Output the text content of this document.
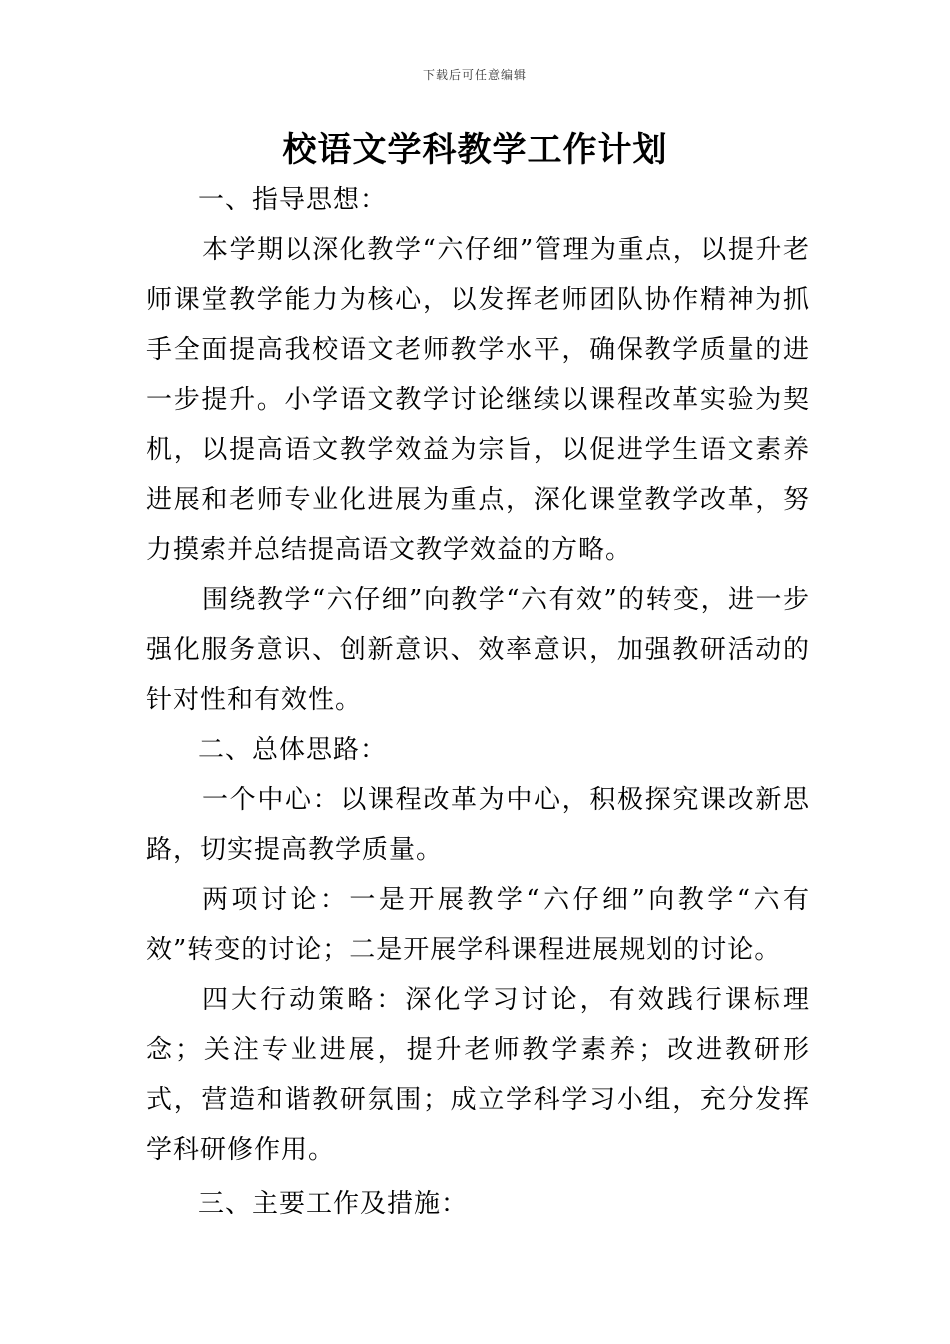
下载后可任意编辑
校语文学科教学工作计划

一、指导思想：

本学期以深化教学“六仔细”管理为重点，以提升老师课堂教学能力为核心，以发挥老师团队协作精神为抓手全面提高我校语文老师教学水平，确保教学质量的进一步提升。小学语文教学讨论继续以课程改革实验为契机，以提高语文教学效益为宗旨，以促进学生语文素养进展和老师专业化进展为重点，深化课堂教学改革，努力摸索并总结提高语文教学效益的方略。

围绕教学“六仔细”向教学“六有效”的转变，进一步强化服务意识、创新意识、效率意识，加强教研活动的针对性和有效性。

二、总体思路：

一个中心：以课程改革为中心，积极探究课改新思路，切实提高教学质量。

两项讨论：一是开展教学“六仔细”向教学“六有效”转变的讨论；二是开展学科课程进展规划的讨论。

四大行动策略：深化学习讨论，有效践行课标理念；关注专业进展，提升老师教学素养；改进教研形式，营造和谐教研氛围；成立学科学习小组，充分发挥学科研修作用。

三、主要工作及措施：
